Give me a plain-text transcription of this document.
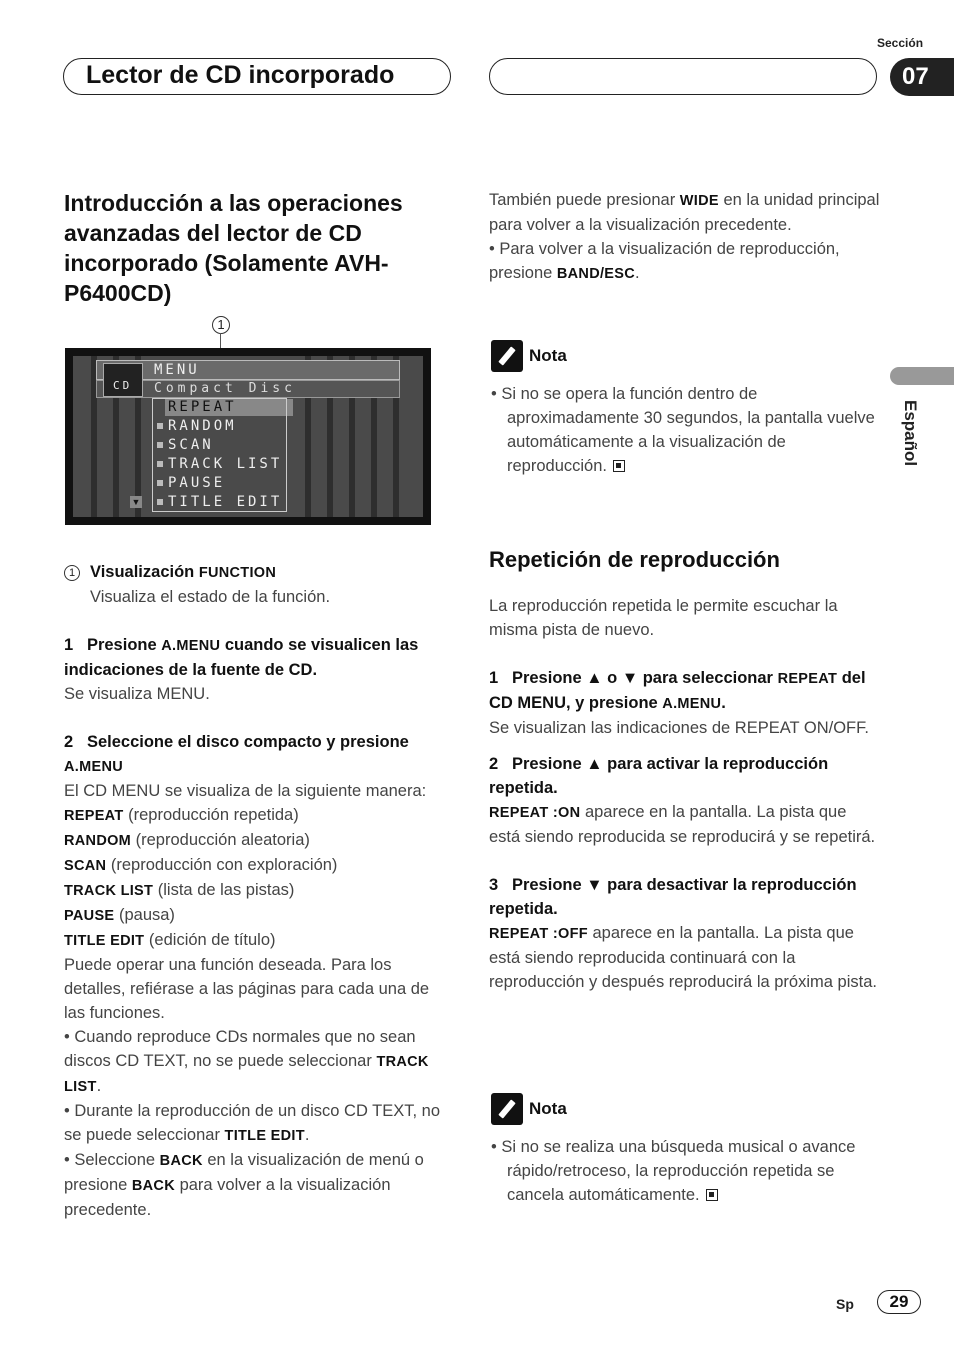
Lector de CD incorporado
Sección
07
Español

Introducción a las operaciones avanzadas del lector de CD incorporado (Solamente AVH-P6400CD)

1
CD
MENU
Compact Disc
REPEAT
RANDOM
SCAN
TRACK LIST
PAUSE
TITLE EDIT
▼

1 Visualización FUNCTION

Visualiza el estado de la función.

1 Presione A.MENU cuando se visualicen las indicaciones de la fuente de CD.

Se visualiza MENU.

2 Seleccione el disco compacto y presione A.MENU

El CD MENU se visualiza de la siguiente manera:

REPEAT (reproducción repetida)

RANDOM (reproducción aleatoria)

SCAN (reproducción con exploración)

TRACK LIST (lista de las pistas)

PAUSE (pausa)

TITLE EDIT (edición de título)

Puede operar una función deseada. Para los detalles, refiérase a las páginas para cada una de las funciones.

• Cuando reproduce CDs normales que no sean discos CD TEXT, no se puede seleccionar TRACK LIST.

• Durante la reproducción de un disco CD TEXT, no se puede seleccionar TITLE EDIT.

• Seleccione BACK en la visualización de menú o presione BACK para volver a la visualización precedente.

También puede presionar WIDE en la unidad principal para volver a la visualización precedente.

• Para volver a la visualización de reproducción, presione BAND/ESC.

Nota

• Si no se opera la función dentro de aproximadamente 30 segundos, la pantalla vuelve automáticamente a la visualización de reproducción.

Repetición de reproducción

La reproducción repetida le permite escuchar la misma pista de nuevo.

1 Presione ▲ o ▼ para seleccionar REPEAT del CD MENU, y presione A.MENU.

Se visualizan las indicaciones de REPEAT ON/OFF.

2 Presione ▲ para activar la reproducción repetida.

REPEAT :ON aparece en la pantalla. La pista que está siendo reproducida se reproducirá y se repetirá.

3 Presione ▼ para desactivar la reproducción repetida.

REPEAT :OFF aparece en la pantalla. La pista que está siendo reproducida continuará con la reproducción y después reproducirá la próxima pista.

Nota

• Si no se realiza una búsqueda musical o avance rápido/retroceso, la reproducción repetida se cancela automáticamente.

Sp	29
